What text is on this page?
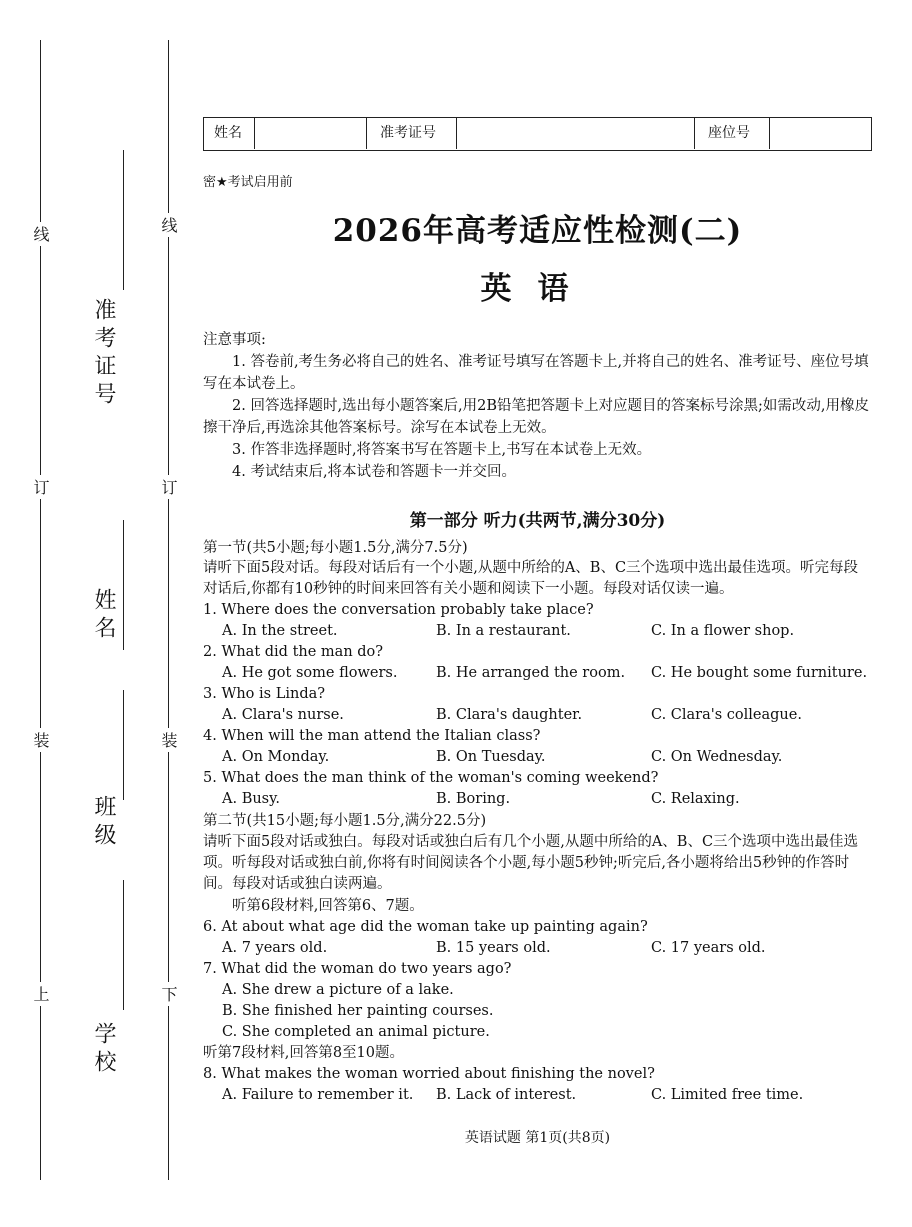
线
订
装
上
线
订
装
下
准考证号
姓名
班级
学校
姓名	准考证号	座位号
密★考试启用前
2026年高考适应性检测(二)
英语

注意事项:

1. 答卷前,考生务必将自己的姓名、准考证号填写在答题卡上,并将自己的姓名、准考证号、座位号填写在本试卷上。

2. 回答选择题时,选出每小题答案后,用2B铅笔把答题卡上对应题目的答案标号涂黑;如需改动,用橡皮擦干净后,再选涂其他答案标号。涂写在本试卷上无效。

3. 作答非选择题时,将答案书写在答题卡上,书写在本试卷上无效。

4. 考试结束后,将本试卷和答题卡一并交回。

第一部分 听力(共两节,满分30分)
第一节(共5小题;每小题1.5分,满分7.5分)
请听下面5段对话。每段对话后有一个小题,从题中所给的A、B、C三个选项中选出最佳选项。听完每段对话后,你都有10秒钟的时间来回答有关小题和阅读下一小题。每段对话仅读一遍。
1. Where does the conversation probably take place?
A. In the street.	B. In a restaurant.	C. In a flower shop.
2. What did the man do?
A. He got some flowers.	B. He arranged the room. C. He bought some furniture.
3. Who is Linda?
A. Clara's nurse.	B. Clara's daughter.	C. Clara's colleague.
4. When will the man attend the Italian class?
A. On Monday.	B. On Tuesday.	C. On Wednesday.
5. What does the man think of the woman's coming weekend?
A. Busy.	B. Boring.	C. Relaxing.
第二节(共15小题;每小题1.5分,满分22.5分)
请听下面5段对话或独白。每段对话或独白后有几个小题,从题中所给的A、B、C三个选项中选出最佳选项。听每段对话或独白前,你将有时间阅读各个小题,每小题5秒钟;听完后,各小题将给出5秒钟的作答时间。每段对话或独白读两遍。
听第6段材料,回答第6、7题。
6. At about what age did the woman take up painting again?
A. 7 years old.	B. 15 years old.	C. 17 years old.
7. What did the woman do two years ago?
A. She drew a picture of a lake.
B. She finished her painting courses.
C. She completed an animal picture.
听第7段材料,回答第8至10题。
8. What makes the woman worried about finishing the novel?
A. Failure to remember it. B. Lack of interest.	C. Limited free time.
英语试题 第1页(共8页)
